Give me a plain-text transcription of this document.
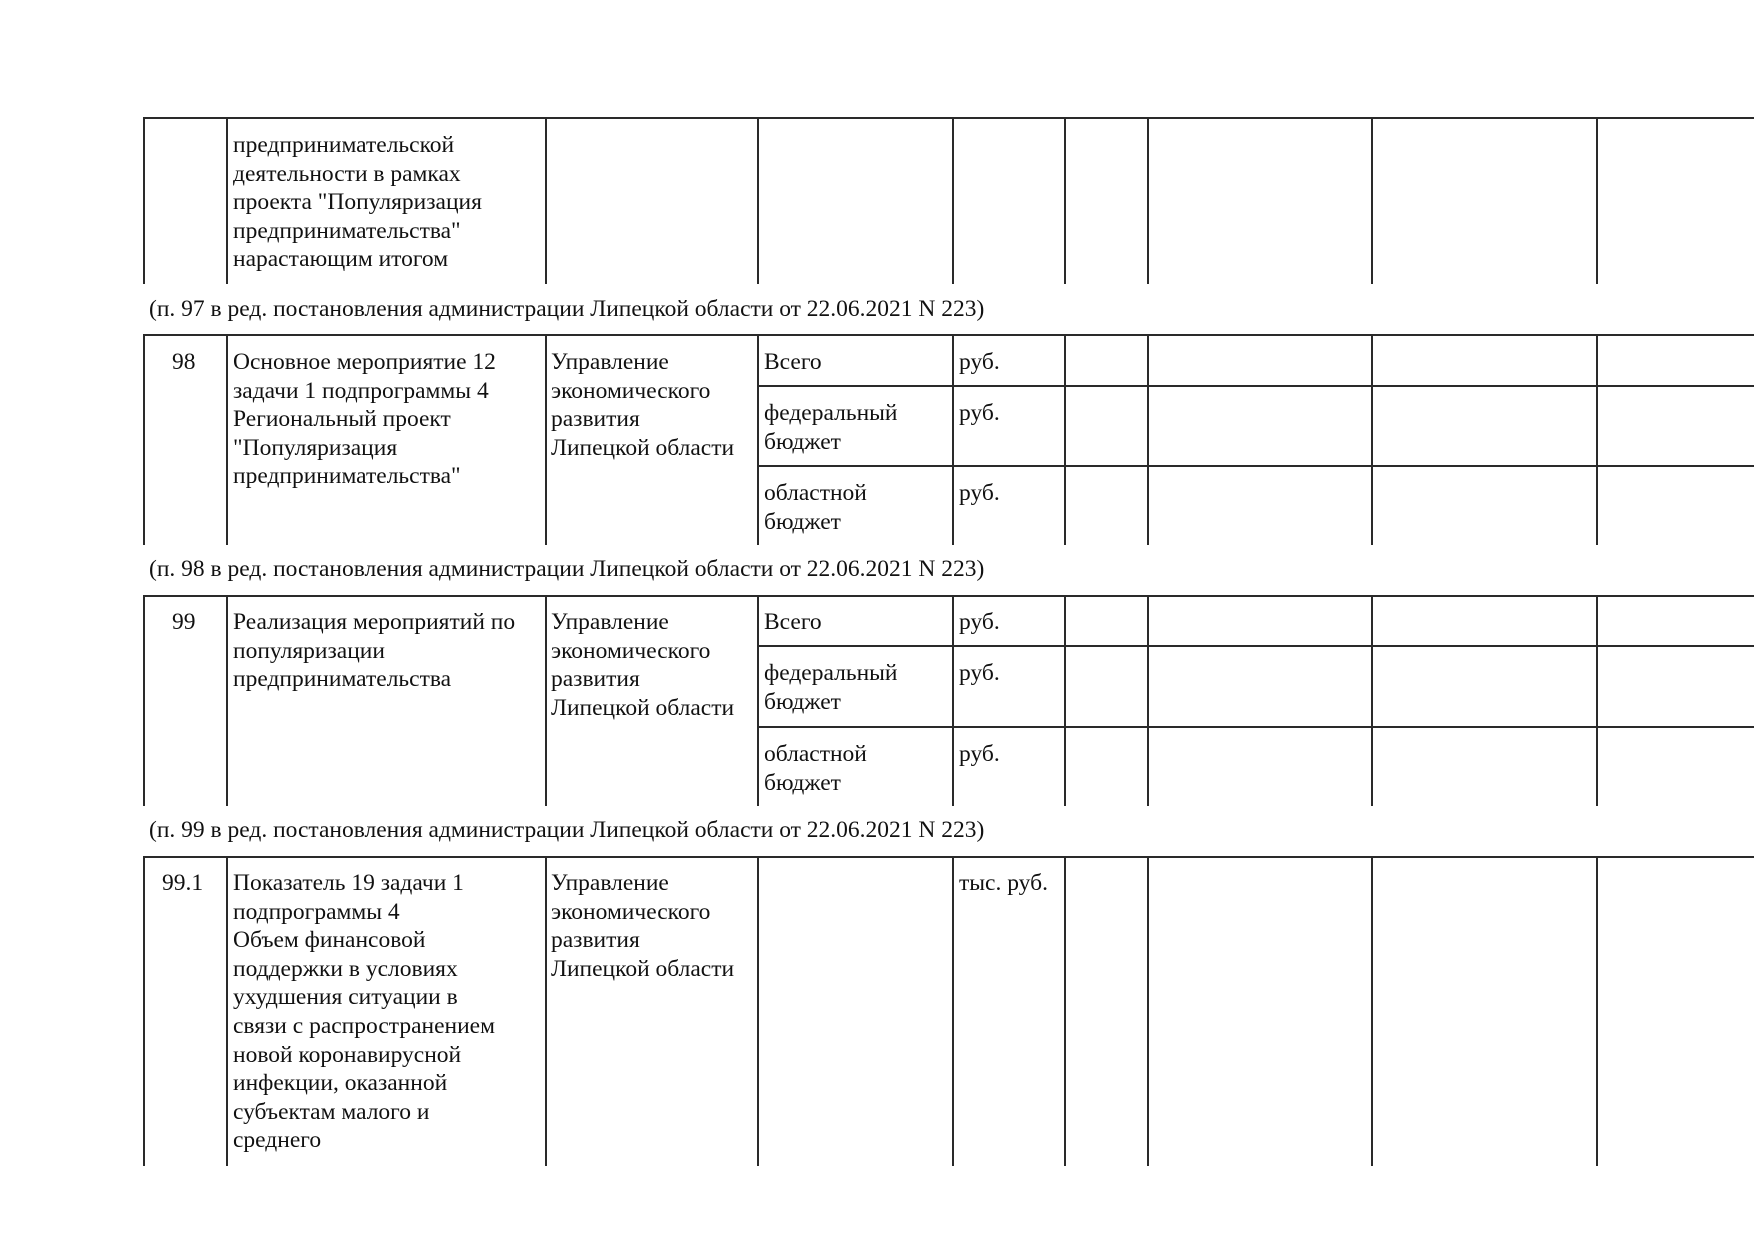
предпринимательской
деятельности в рамках
проекта "Популяризация
предпринимательства"
нарастающим итогом
(п. 97 в ред. постановления администрации Липецкой области от 22.06.2021 N 223)
98 Основное мероприятие 12
задачи 1 подпрограммы 4
Региональный проект
"Популяризация
предпринимательства"
Управление
экономического
развития
Липецкой области
Всего	руб.
федеральный
бюджет
руб.
областной
бюджет
руб.
(п. 98 в ред. постановления администрации Липецкой области от 22.06.2021 N 223)
99 Реализация мероприятий по
популяризации
предпринимательства
Управление
экономического
развития
Липецкой области
Всего	руб.
федеральный
бюджет
руб.
областной
бюджет
руб.
(п. 99 в ред. постановления администрации Липецкой области от 22.06.2021 N 223)
99.1 Показатель 19 задачи 1
подпрограммы 4
Объем финансовой
поддержки в условиях
ухудшения ситуации в
связи с распространением
новой коронавирусной
инфекции, оказанной
субъектам малого и
среднего
Управление
экономического
развития
Липецкой области
тыс. руб.
